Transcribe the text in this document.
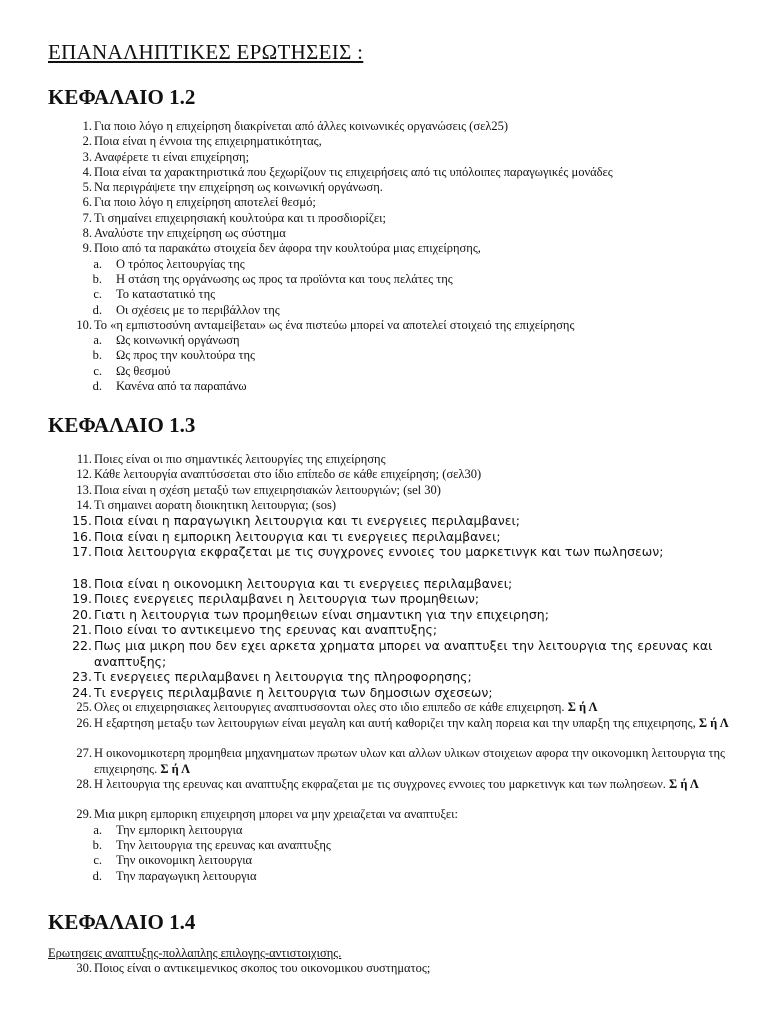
ΕΠΑΝΑΛΗΠΤΙΚΕΣ ΕΡΩΤΗΣΕΙΣ :
ΚΕΦΑΛΑΙΟ 1.2
1. Για ποιο λόγο η επιχείρηση διακρίνεται από άλλες κοινωνικές οργανώσεις (σελ25)
2. Ποια είναι η έννοια της επιχειρηματικότητας,
3. Αναφέρετε τι είναι επιχείρηση;
4. Ποια είναι τα χαρακτηριστικά που ξεχωρίζουν τις επιχειρήσεις από τις υπόλοιπες παραγωγικές μονάδες
5. Να περιγράψετε την επιχείρηση ως κοινωνική οργάνωση.
6. Για ποιο λόγο η επιχείρηση αποτελεί θεσμό;
7. Τι σημαίνει επιχειρησιακή κουλτούρα και τι προσδιορίζει;
8. Αναλύστε την επιχείρηση ως σύστημα
9. Ποιο από τα παρακάτω στοιχεία δεν άφορα την κουλτούρα μιας επιχείρησης,
a. Ο τρόπος λειτουργίας της
b. Η στάση της οργάνωσης ως προς τα προϊόντα και τους πελάτες της
c. Το καταστατικό της
d. Οι σχέσεις με το περιβάλλον της
10. Το «η εμπιστοσύνη ανταμείβεται» ως ένα πιστεύω μπορεί να αποτελεί στοιχειό της επιχείρησης
a. Ως κοινωνική οργάνωση
b. Ως προς την κουλτούρα της
c. Ως θεσμού
d. Κανένα από τα παραπάνω
ΚΕΦΑΛΑΙΟ 1.3
11. Ποιες είναι οι πιο σημαντικές λειτουργίες της επιχείρησης
12. Κάθε λειτουργία αναπτύσσεται στο ίδιο επίπεδο σε κάθε επιχείρηση; (σελ30)
13. Ποια είναι η σχέση μεταξύ των επιχειρησιακών λειτουργιών; (sel 30)
14. Τι σημαινει αορατη διοικητικη λειτουργια; (sos)
15. Ποια είναι η παραγωγικη λειτουργια και τι ενεργειες περιλαμβανει;
16. Ποια είναι η εμπορικη λειτουργια και τι ενεργειες περιλαμβανει;
17. Ποια λειτουργια εκφραζεται με τις συγχρονες εννοιες του μαρκετινγκ και των πωλησεων;
18. Ποια είναι η οικονομικη λειτουργια και τι ενεργειες περιλαμβανει;
19. Ποιες ενεργειες περιλαμβανει η λειτουργια των προμηθειων;
20. Γιατι η λειτουργια των προμηθειων είναι σημαντικη για την επιχειρηση;
21. Ποιο είναι το αντικειμενο της ερευνας και αναπτυξης;
22. Πως μια μικρη που δεν εχει αρκετα χρηματα μπορει να αναπτυξει την λειτουργια της ερευνας και αναπτυξης;
23. Τι ενεργειες περιλαμβανει η λειτουργια της πληροφορησης;
24. Τι ενεργεις περιλαμβανιε η λειτουργια των δημοσιων σχεσεων;
25. Ολες οι επιχειρησιακες λειτουργιες αναπτυσσονται ολες στο ιδιο επιπεδο σε κάθε επιχειρηση. Σ ή Λ
26. Η εξαρτηση μεταξυ των λειτουργιων είναι μεγαλη και αυτή καθοριζει την καλη πορεια και την υπαρξη της επιχειρησης, Σ ή Λ
27. Η οικονομικοτερη προμηθεια μηχανηματων πρωτων υλων και αλλων υλικων στοιχειων αφορα την οικονομικη λειτουργια της επιχειρησης. Σ ή Λ
28. Η λειτουργια της ερευνας και αναπτυξης εκφραζεται με τις συγχρονες εννοιες του μαρκετινγκ και των πωλησεων. Σ ή Λ
29. Μια μικρη εμπορικη επιχειρηση μπορει να μην χρειαζεται να αναπτυξει:
a. Την εμπορικη λειτουργια
b. Την λειτουργια της ερευνας και αναπτυξης
c. Την οικονομικη λειτουργια
d. Την παραγωγικη λειτουργια
ΚΕΦΑΛΑΙΟ 1.4
Ερωτησεις αναπτυξης-πολλαπλης επιλογης-αντιστοιχισης.
30. Ποιος είναι ο αντικειμενικος σκοπος του οικονομικου συστηματος;
